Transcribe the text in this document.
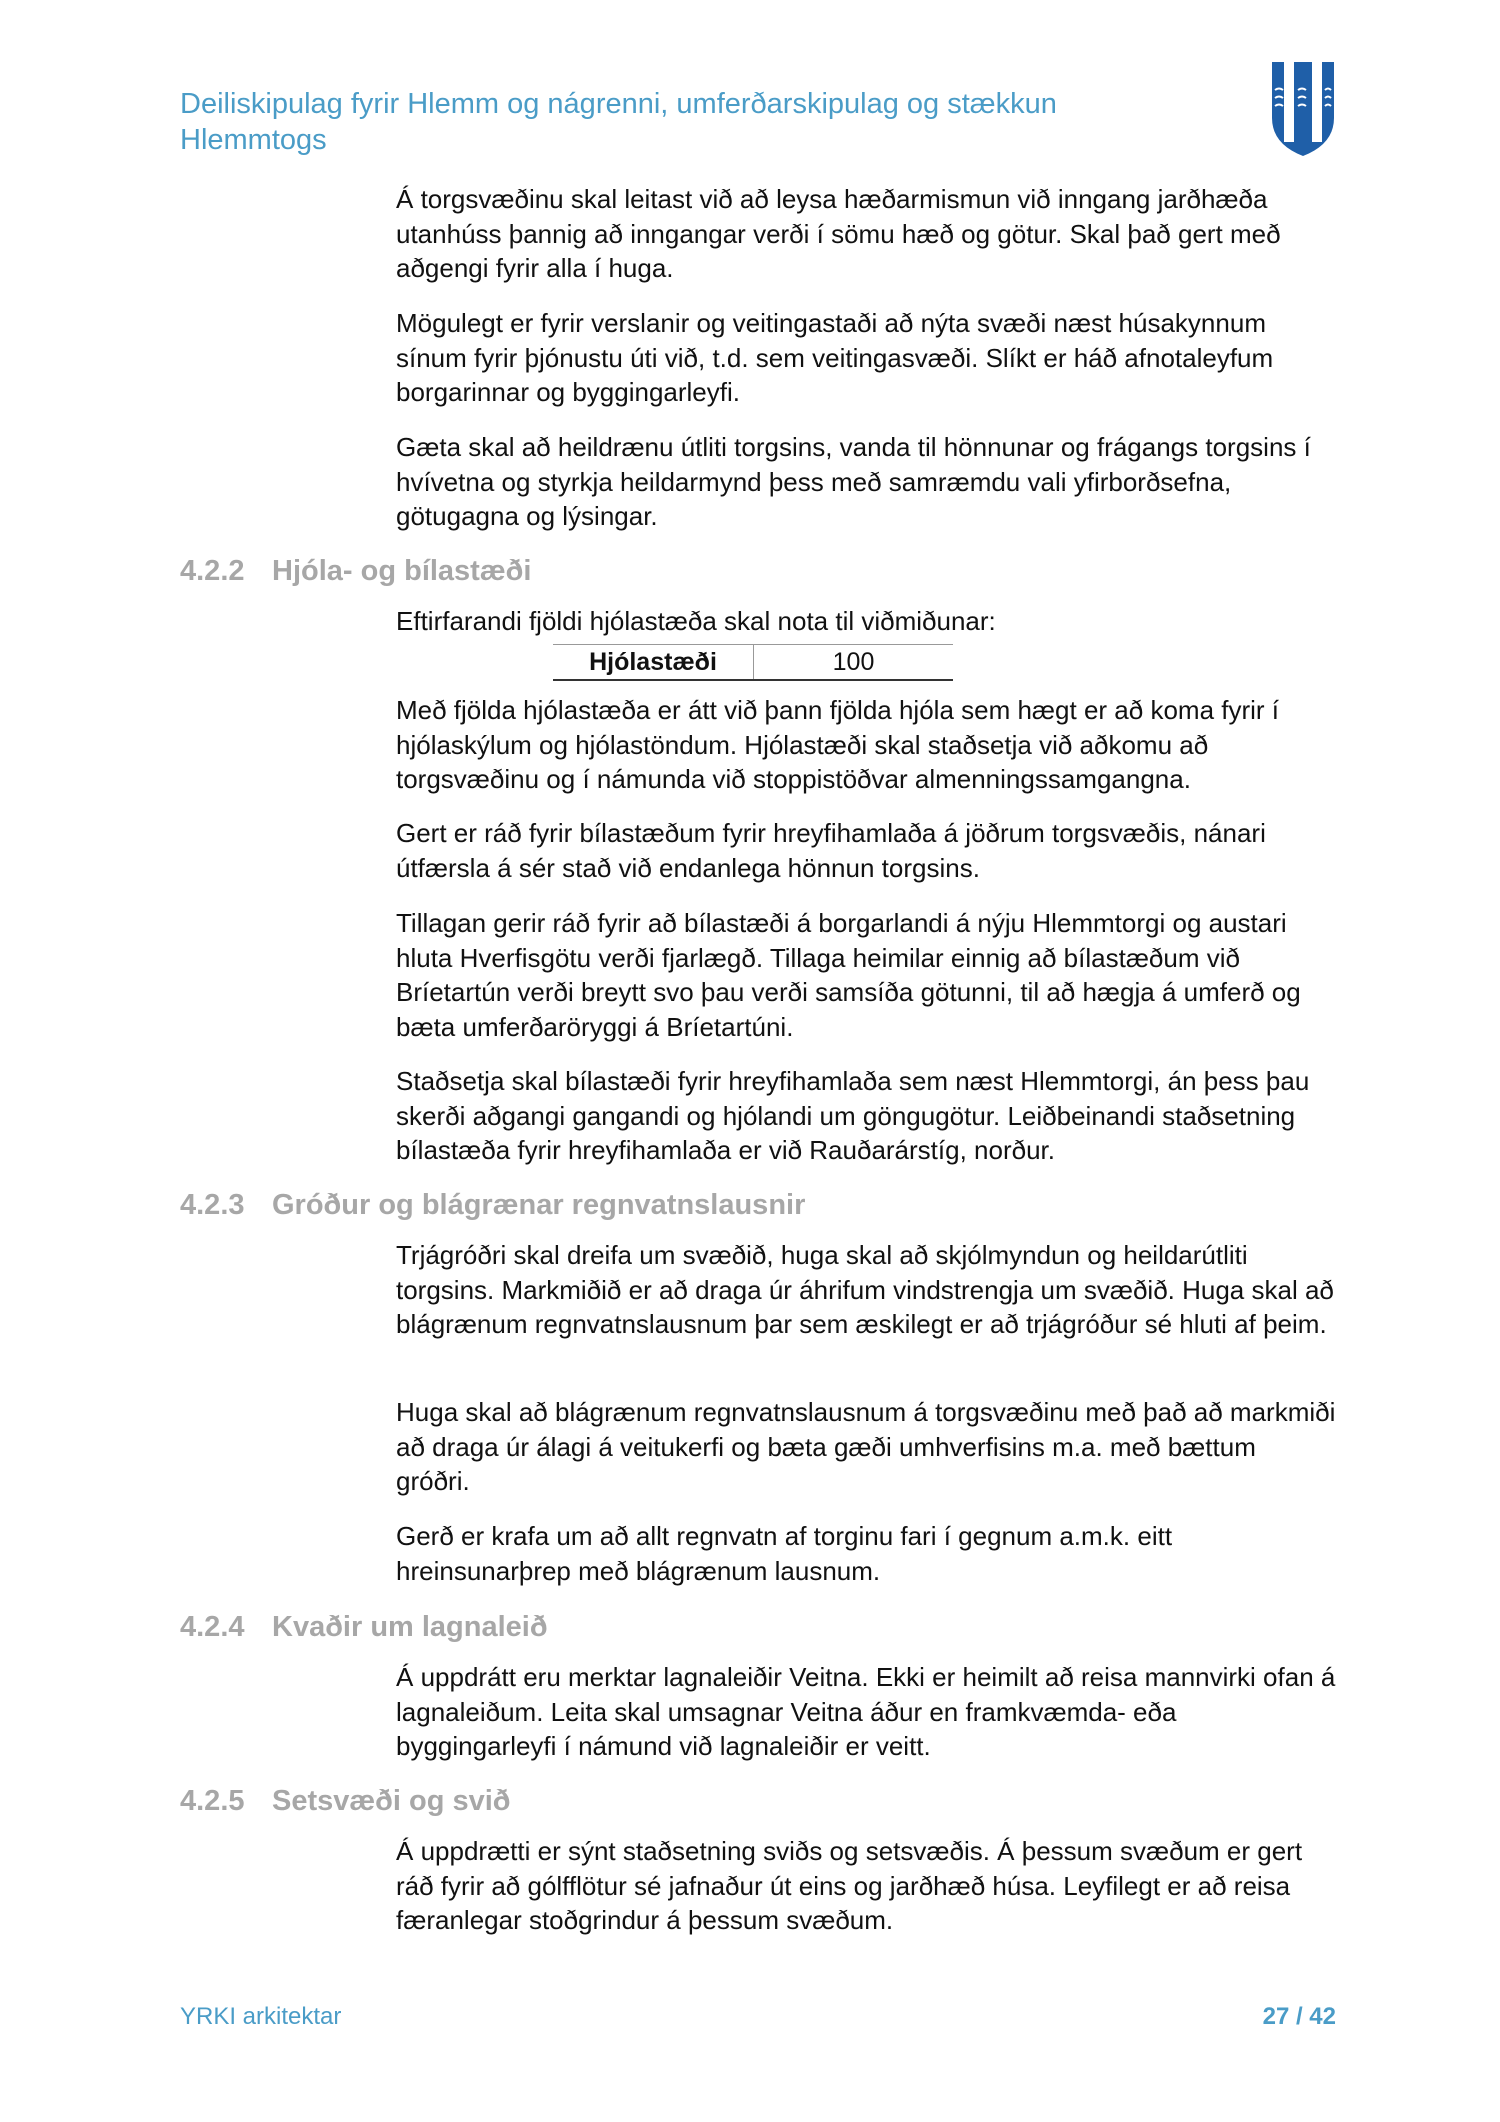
Deiliskipulag fyrir Hlemm og nágrenni, umferðarskipulag og stækkun
Hlemmtogs

Á torgsvæðinu skal leitast við að leysa hæðarmismun við inngang jarðhæða utanhúss þannig að inngangar verði í sömu hæð og götur. Skal það gert með aðgengi fyrir alla í huga.

Mögulegt er fyrir verslanir og veitingastaði að nýta svæði næst húsakynnum sínum fyrir þjónustu úti við, t.d. sem veitingasvæði. Slíkt er háð afnotaleyfum borgarinnar og byggingarleyfi.

Gæta skal að heildrænu útliti torgsins, vanda til hönnunar og frágangs torgsins í hvívetna og styrkja heildarmynd þess með samræmdu vali yfirborðsefna, götugagna og lýsingar.

4.2.2 Hjóla- og bílastæði

Eftirfarandi fjöldi hjólastæða skal nota til viðmiðunar:

Hjólastæði	100

Með fjölda hjólastæða er átt við þann fjölda hjóla sem hægt er að koma fyrir í hjólaskýlum og hjólastöndum. Hjólastæði skal staðsetja við aðkomu að torgsvæðinu og í námunda við stoppistöðvar almenningssamgangna.

Gert er ráð fyrir bílastæðum fyrir hreyfihamlaða á jöðrum torgsvæðis, nánari útfærsla á sér stað við endanlega hönnun torgsins.

Tillagan gerir ráð fyrir að bílastæði á borgarlandi á nýju Hlemmtorgi og austari hluta Hverfisgötu verði fjarlægð. Tillaga heimilar einnig að bílastæðum við Bríetartún verði breytt svo þau verði samsíða götunni, til að hægja á umferð og bæta umferðaröryggi á Bríetartúni.

Staðsetja skal bílastæði fyrir hreyfihamlaða sem næst Hlemmtorgi, án þess þau skerði aðgangi gangandi og hjólandi um göngugötur. Leiðbeinandi staðsetning bílastæða fyrir hreyfihamlaða er við Rauðarárstíg, norður.

4.2.3 Gróður og blágrænar regnvatnslausnir

Trjágróðri skal dreifa um svæðið, huga skal að skjólmyndun og heildarútliti torgsins. Markmiðið er að draga úr áhrifum vindstrengja um svæðið. Huga skal að blágrænum regnvatnslausnum þar sem æskilegt er að trjágróður sé hluti af þeim.

Huga skal að blágrænum regnvatnslausnum á torgsvæðinu með það að markmiði að draga úr álagi á veitukerfi og bæta gæði umhverfisins m.a. með bættum gróðri.

Gerð er krafa um að allt regnvatn af torginu fari í gegnum a.m.k. eitt hreinsunarþrep með blágrænum lausnum.

4.2.4 Kvaðir um lagnaleið

Á uppdrátt eru merktar lagnaleiðir Veitna. Ekki er heimilt að reisa mannvirki ofan á lagnaleiðum. Leita skal umsagnar Veitna áður en framkvæmda- eða byggingarleyfi í námund við lagnaleiðir er veitt.

4.2.5 Setsvæði og svið

Á uppdrætti er sýnt staðsetning sviðs og setsvæðis. Á þessum svæðum er gert ráð fyrir að gólfflötur sé jafnaður út eins og jarðhæð húsa. Leyfilegt er að reisa færanlegar stoðgrindur á þessum svæðum.

YRKI arkitektar	27 / 42
